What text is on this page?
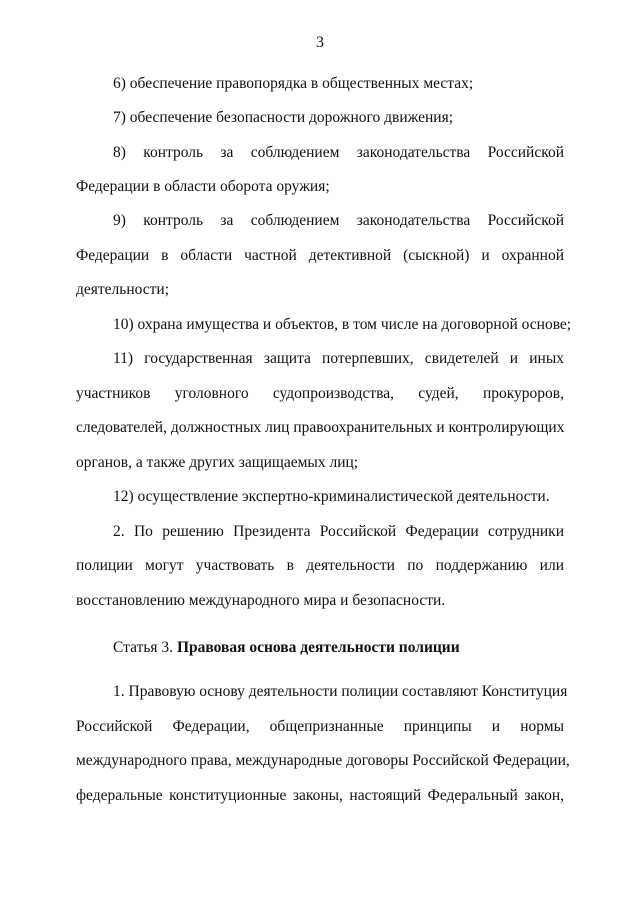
3
6) обеспечение правопорядка в общественных местах;
7) обеспечение безопасности дорожного движения;
8) контроль за соблюдением законодательства Российской
Федерации в области оборота оружия;
9) контроль за соблюдением законодательства Российской
Федерации в области частной детективной (сыскной) и охранной
деятельности;
10) охрана имущества и объектов, в том числе на договорной основе;
11) государственная защита потерпевших, свидетелей и иных
участников уголовного судопроизводства, судей, прокуроров,
следователей, должностных лиц правоохранительных и контролирующих
органов, а также других защищаемых лиц;
12) осуществление экспертно-криминалистической деятельности.
2. По решению Президента Российской Федерации сотрудники
полиции могут участвовать в деятельности по поддержанию или
восстановлению международного мира и безопасности.
Статья 3. Правовая основа деятельности полиции
1. Правовую основу деятельности полиции составляют Конституция
Российской Федерации, общепризнанные принципы и нормы
международного права, международные договоры Российской Федерации,
федеральные конституционные законы, настоящий Федеральный закон,
